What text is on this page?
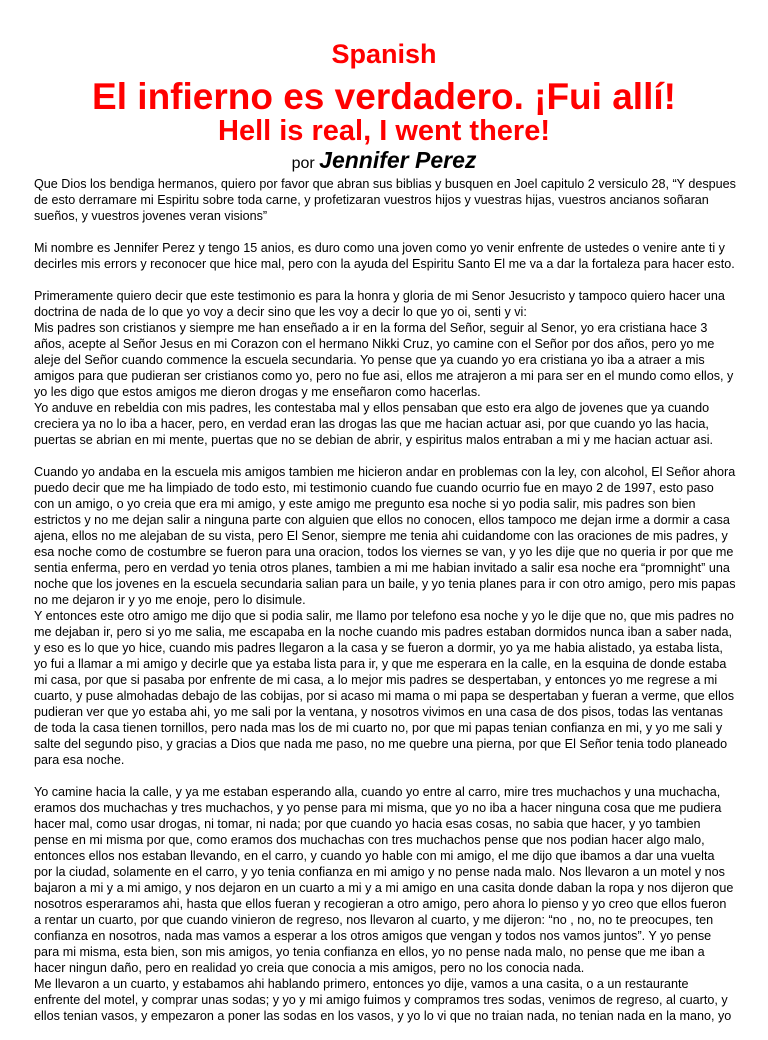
Spanish
El infierno es verdadero. ¡Fui allí!
Hell is real, I went there!
por Jennifer Perez

Que Dios los bendiga hermanos, quiero por favor que abran sus biblias y busquen en Joel capitulo 2 versiculo 28, “Y despues de esto derramare mi Espiritu sobre toda carne, y profetizaran vuestros hijos y vuestras hijas, vuestros ancianos soñaran sueños, y vuestros jovenes veran visions”

Mi nombre es Jennifer Perez y tengo 15 anios, es duro como una joven como yo venir enfrente de ustedes o venire ante ti y decirles mis errors y reconocer que hice mal, pero con la ayuda del Espiritu Santo El me va a dar la fortaleza para hacer esto.

Primeramente quiero decir que este testimonio es para la honra y gloria de mi Senor Jesucristo y tampoco quiero hacer una doctrina de nada de lo que yo voy a decir sino que les voy a decir lo que yo oi, senti y vi:
Mis padres son cristianos y siempre me han enseñado a ir en la forma del Señor, seguir al Senor, yo era cristiana hace 3 años, acepte al Señor Jesus en mi Corazon con el hermano Nikki Cruz, yo camine con el Señor por dos años, pero yo me aleje del Señor cuando commence la escuela secundaria. Yo pense que ya cuando yo era cristiana yo iba a atraer a mis amigos para que pudieran ser cristianos como yo, pero no fue asi, ellos me atrajeron a mi para ser en el mundo como ellos, y yo les digo que estos amigos me dieron drogas y me enseñaron como hacerlas.
Yo anduve en rebeldia con mis padres, les contestaba mal y ellos pensaban que esto era algo de jovenes que ya cuando creciera ya no lo iba a hacer, pero, en verdad eran las drogas las que me hacian actuar asi, por que cuando yo las hacia, puertas se abrian en mi mente, puertas que no se debian de abrir, y espiritus malos entraban a mi y me hacian actuar asi.

Cuando yo andaba en la escuela mis amigos tambien me hicieron andar en problemas con la ley, con alcohol, El Señor ahora puedo decir que me ha limpiado de todo esto, mi testimonio cuando fue cuando ocurrio fue en mayo 2 de 1997, esto paso con un amigo, o yo creia que era mi amigo, y este amigo me pregunto esa noche si yo podia salir, mis padres son bien estrictos y no me dejan salir a ninguna parte con alguien que ellos no conocen, ellos tampoco me dejan irme a dormir a casa ajena, ellos no me alejaban de su vista, pero El Senor, siempre me tenia ahi cuidandome con las oraciones de mis padres, y esa noche como de costumbre se fueron para una oracion, todos los viernes se van, y yo les dije que no queria ir por que me sentia enferma, pero en verdad yo tenia otros planes, tambien a mi me habian invitado a salir esa noche era “promnight” una noche que los jovenes en la escuela secundaria salian para un baile, y yo tenia planes para ir con otro amigo, pero mis papas no me dejaron ir y yo me enoje, pero lo disimule.
Y entonces este otro amigo me dijo que si podia salir, me llamo por telefono esa noche y yo le dije que no, que mis padres no me dejaban ir, pero si yo me salia, me escapaba en la noche cuando mis padres estaban dormidos nunca iban a saber nada, y eso es lo que yo hice, cuando mis padres llegaron a la casa y se fueron a dormir, yo ya me habia alistado, ya estaba lista, yo fui a llamar a mi amigo y decirle que ya estaba lista para ir, y que me esperara en la calle, en la esquina de donde estaba mi casa, por que si pasaba por enfrente de mi casa, a lo mejor mis padres se despertaban, y entonces yo me regrese a mi cuarto, y puse almohadas debajo de las cobijas, por si acaso mi mama o mi papa se despertaban y fueran a verme, que ellos pudieran ver que yo estaba ahi, yo me sali por la ventana, y nosotros vivimos en una casa de dos pisos, todas las ventanas de toda la casa tienen tornillos, pero nada mas los de mi cuarto no, por que mi papas tenian confianza en mi, y yo me sali y salte del segundo piso, y gracias a Dios que nada me paso, no me quebre una pierna, por que El Señor tenia todo planeado para esa noche.

Yo camine hacia la calle, y ya me estaban esperando alla, cuando yo entre al carro, mire tres muchachos y una muchacha, eramos dos muchachas y tres muchachos, y yo pense para mi misma, que yo no iba a hacer ninguna cosa que me pudiera hacer mal, como usar drogas, ni tomar, ni nada; por que cuando yo hacia esas cosas, no sabia que hacer, y yo tambien pense en mi misma por que, como eramos dos muchachas con tres muchachos pense que nos podian hacer algo malo, entonces ellos nos estaban llevando, en el carro, y cuando yo hable con mi amigo, el me dijo que ibamos a dar una vuelta por la ciudad, solamente en el carro, y yo tenia confianza en mi amigo y no pense nada malo. Nos llevaron a un motel y nos bajaron a mi y a mi amigo, y nos dejaron en un cuarto a mi y a mi amigo en una casita donde daban la ropa y nos dijeron que nosotros esperaramos ahi, hasta que ellos fueran y recogieran a otro amigo, pero ahora lo pienso y yo creo que ellos fueron a rentar un cuarto, por que cuando vinieron de regreso, nos llevaron al cuarto, y me dijeron: “no , no, no te preocupes, ten confianza en nosotros, nada mas vamos a esperar a los otros amigos que vengan y todos nos vamos juntos”. Y yo pense para mi misma, esta bien, son mis amigos, yo tenia confianza en ellos, yo no pense nada malo, no pense que me iban a hacer ningun daño, pero en realidad yo creia que conocia a mis amigos, pero no los conocia nada.
Me llevaron a un cuarto, y estabamos ahi hablando primero, entonces yo dije, vamos a una casita, o a un restaurante enfrente del motel, y comprar unas sodas; y yo y mi amigo fuimos y compramos tres sodas, venimos de regreso, al cuarto, y ellos tenian vasos, y empezaron a poner las sodas en los vasos, y yo lo vi que no traian nada, no tenian nada en la mano, yo
